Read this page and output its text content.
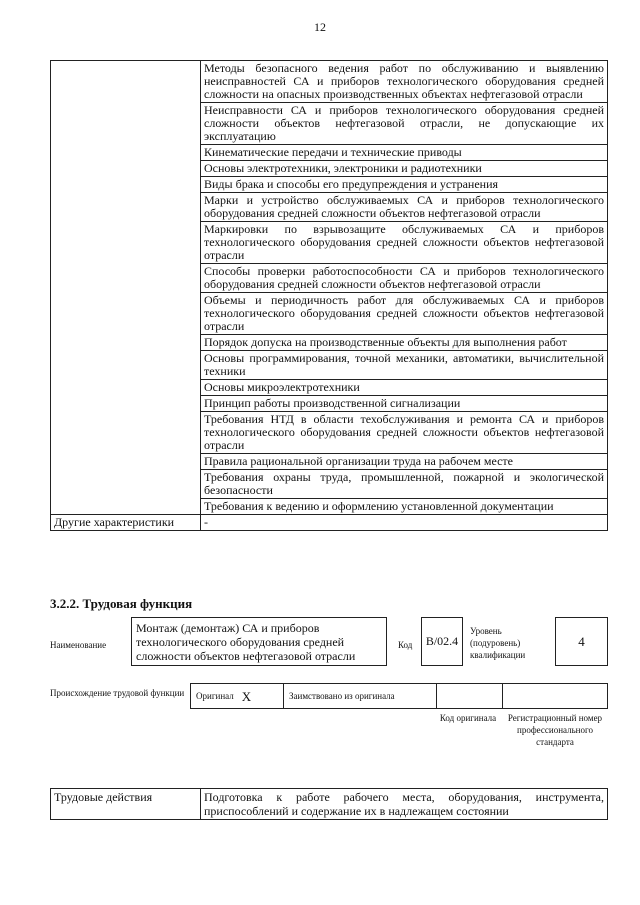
12
	Методы безопасного ведения работ по обслуживанию и выявлению неисправностей СА и приборов технологического оборудования средней сложности на опасных производственных объектах нефтегазовой отрасли
	Неисправности СА и приборов технологического оборудования средней сложности объектов нефтегазовой отрасли, не допускающие их эксплуатацию
	Кинематические передачи и технические приводы
	Основы электротехники, электроники и радиотехники
	Виды брака и способы его предупреждения и устранения
	Марки и устройство обслуживаемых СА и приборов технологического оборудования средней сложности объектов нефтегазовой отрасли
	Маркировки по взрывозащите обслуживаемых СА и приборов технологического оборудования средней сложности объектов нефтегазовой отрасли
	Способы проверки работоспособности СА и приборов технологического оборудования средней сложности объектов нефтегазовой отрасли
	Объемы и периодичность работ для обслуживаемых СА и приборов технологического оборудования средней сложности объектов нефтегазовой отрасли
	Порядок допуска на производственные объекты для выполнения работ
	Основы программирования, точной механики, автоматики, вычислительной техники
	Основы микроэлектротехники
	Принцип работы производственной сигнализации
	Требования НТД в области техобслуживания и ремонта СА и приборов технологического оборудования средней сложности объектов нефтегазовой отрасли
	Правила рациональной организации труда на рабочем месте
	Требования охраны труда, промышленной, пожарной и экологической безопасности
	Требования к ведению и оформлению установленной документации
Другие характеристики	-
3.2.2. Трудовая функция
Наименование
Монтаж (демонтаж) СА и приборов технологического оборудования средней сложности объектов нефтегазовой отрасли
Код	B/02.4
Уровень (подуровень) квалификации
4
Происхождение трудовой функции	Оригинал X	Заимствовано из оригинала
Код оригинала	Регистрационный номер профессионального стандарта
Трудовые действия	Подготовка к работе рабочего места, оборудования, инструмента, приспособлений и содержание их в надлежащем состоянии
